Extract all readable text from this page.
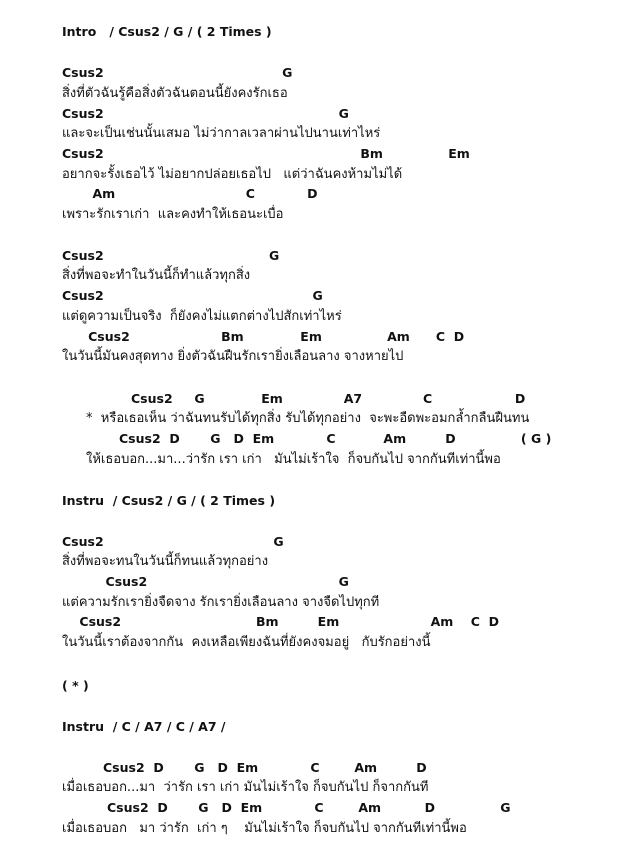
Intro   / Csus2 / G / ( 2 Times )
Csus2                                         G
สิ่งที่ตัวฉันรู้คือสิ่งตัวฉันตอนนี้ยังคงรักเธอ
Csus2                                                      G
และจะเป็นเช่นนั้นเสมอ ไม่ว่ากาลเวลาผ่านไปนานเท่าไหร่
Csus2                                                           Bm               Em
อยากจะรั้งเธอไว้ ไม่อยากปล่อยเธอไป   แต่ว่าฉันคงห้ามไม่ได้
Am                              C            D
เพราะรักเราเก่า  และคงทำให้เธอนะเบื่อ
Csus2                                      G
สิ่งที่พอจะทำในวันนี้ก็ทำแล้วทุกสิ่ง
Csus2                                                G
แต่ดูความเป็นจริง  ก็ยังคงไม่แตกต่างไปสักเท่าไหร่
Csus2                     Bm             Em               Am      C  D
ในวันนี้มันคงสุดทาง ยิ่งตัวฉันฝืนรักเรายิ่งเลือนลาง จางหายไป
Csus2     G             Em              A7              C                   D
*  หรือเธอเห็น ว่าฉันทนรับได้ทุกสิ่ง รับได้ทุกอย่าง  จะพะอืดพะอมกล้ำกลืนฝืนทน
Csus2  D       G   D  Em            C           Am         D               ( G )
ให้เธอบอก...มา...ว่ารัก เรา เก่า   มันไม่เร้าใจ  ก็จบกันไป จากกันทีเท่านี้พอ
Instru  / Csus2 / G / ( 2 Times )
Csus2                                       G
สิ่งที่พอจะทนในวันนี้ก็ทนแล้วทุกอย่าง
Csus2                                            G
แต่ความรักเรายิ่งจืดจาง รักเรายิ่งเลือนลาง จางจืดไปทุกที
Csus2                               Bm         Em                     Am    C  D
ในวันนี้เราต้องจากกัน  คงเหลือเพียงฉันที่ยังคงจมอยู่   กับรักอย่างนี้
( * )
Instru  / C / A7 / C / A7 /
Csus2  D       G   D  Em            C        Am         D
เมื่อเธอบอก...มา  ว่ารัก เรา เก่า มันไม่เร้าใจ ก็จบกันไป ก็จากกันที
Csus2  D       G   D  Em            C        Am          D               G
เมื่อเธอบอก   มา ว่ารัก  เก่า ๆ    มันไม่เร้าใจ ก็จบกันไป จากกันทีเท่านี้พอ
